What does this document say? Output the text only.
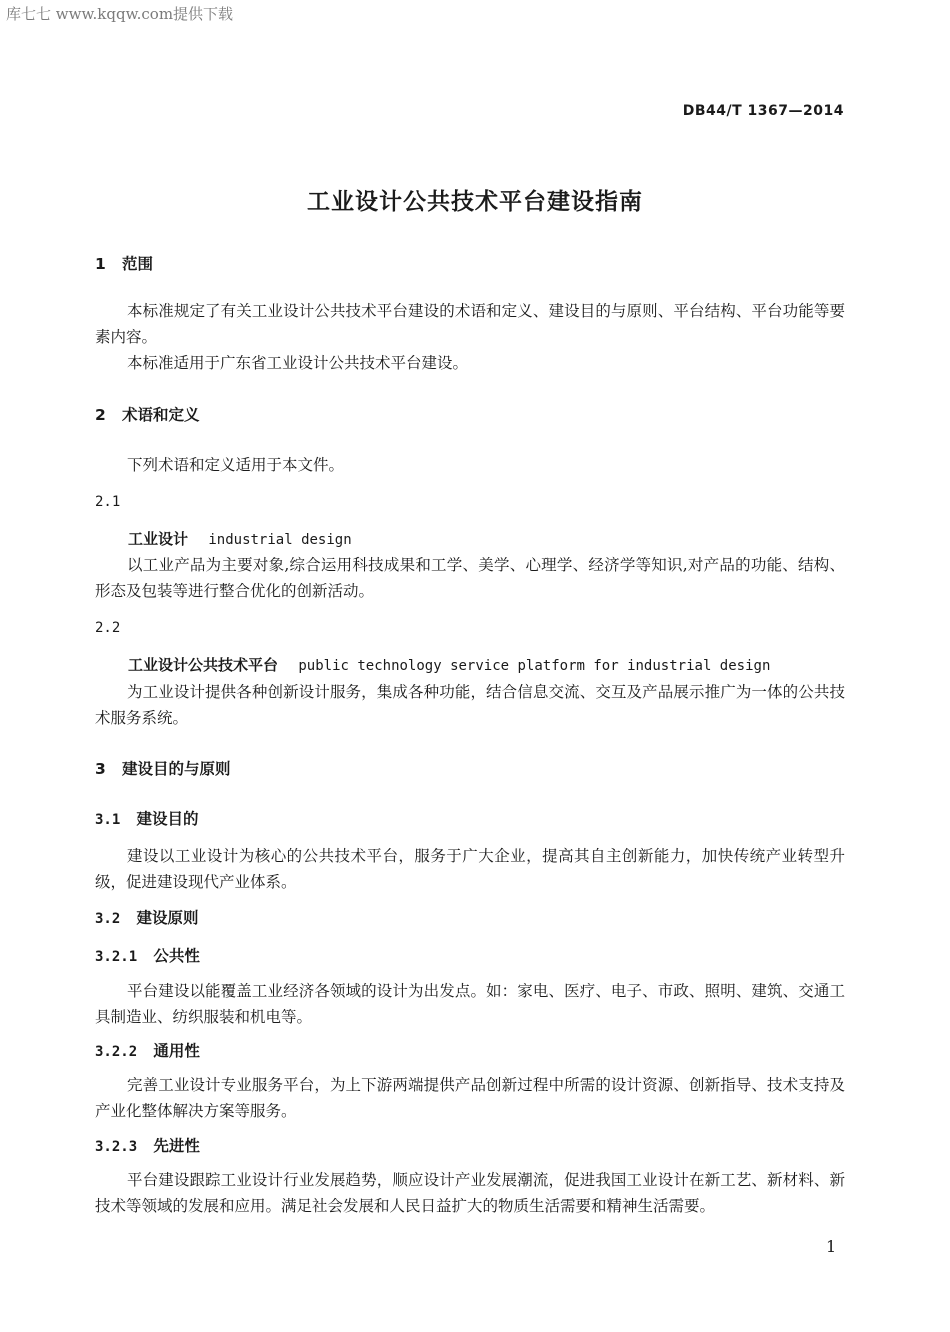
库七七 www.kqqw.com提供下载
DB44/T 1367—2014
工业设计公共技术平台建设指南
1 范围
本标准规定了有关工业设计公共技术平台建设的术语和定义、建设目的与原则、平台结构、平台功能等要素内容。
本标准适用于广东省工业设计公共技术平台建设。
2 术语和定义
下列术语和定义适用于本文件。
2.1
工业设计 industrial design
以工业产品为主要对象,综合运用科技成果和工学、美学、心理学、经济学等知识,对产品的功能、结构、形态及包装等进行整合优化的创新活动。
2.2
工业设计公共技术平台 public technology service platform for industrial design
为工业设计提供各种创新设计服务，集成各种功能，结合信息交流、交互及产品展示推广为一体的公共技术服务系统。
3 建设目的与原则
3.1 建设目的
建设以工业设计为核心的公共技术平台，服务于广大企业，提高其自主创新能力，加快传统产业转型升级，促进建设现代产业体系。
3.2 建设原则
3.2.1 公共性
平台建设以能覆盖工业经济各领域的设计为出发点。如：家电、医疗、电子、市政、照明、建筑、交通工具制造业、纺织服装和机电等。
3.2.2 通用性
完善工业设计专业服务平台，为上下游两端提供产品创新过程中所需的设计资源、创新指导、技术支持及产业化整体解决方案等服务。
3.2.3 先进性
平台建设跟踪工业设计行业发展趋势，顺应设计产业发展潮流，促进我国工业设计在新工艺、新材料、新技术等领域的发展和应用。满足社会发展和人民日益扩大的物质生活需要和精神生活需要。
1
